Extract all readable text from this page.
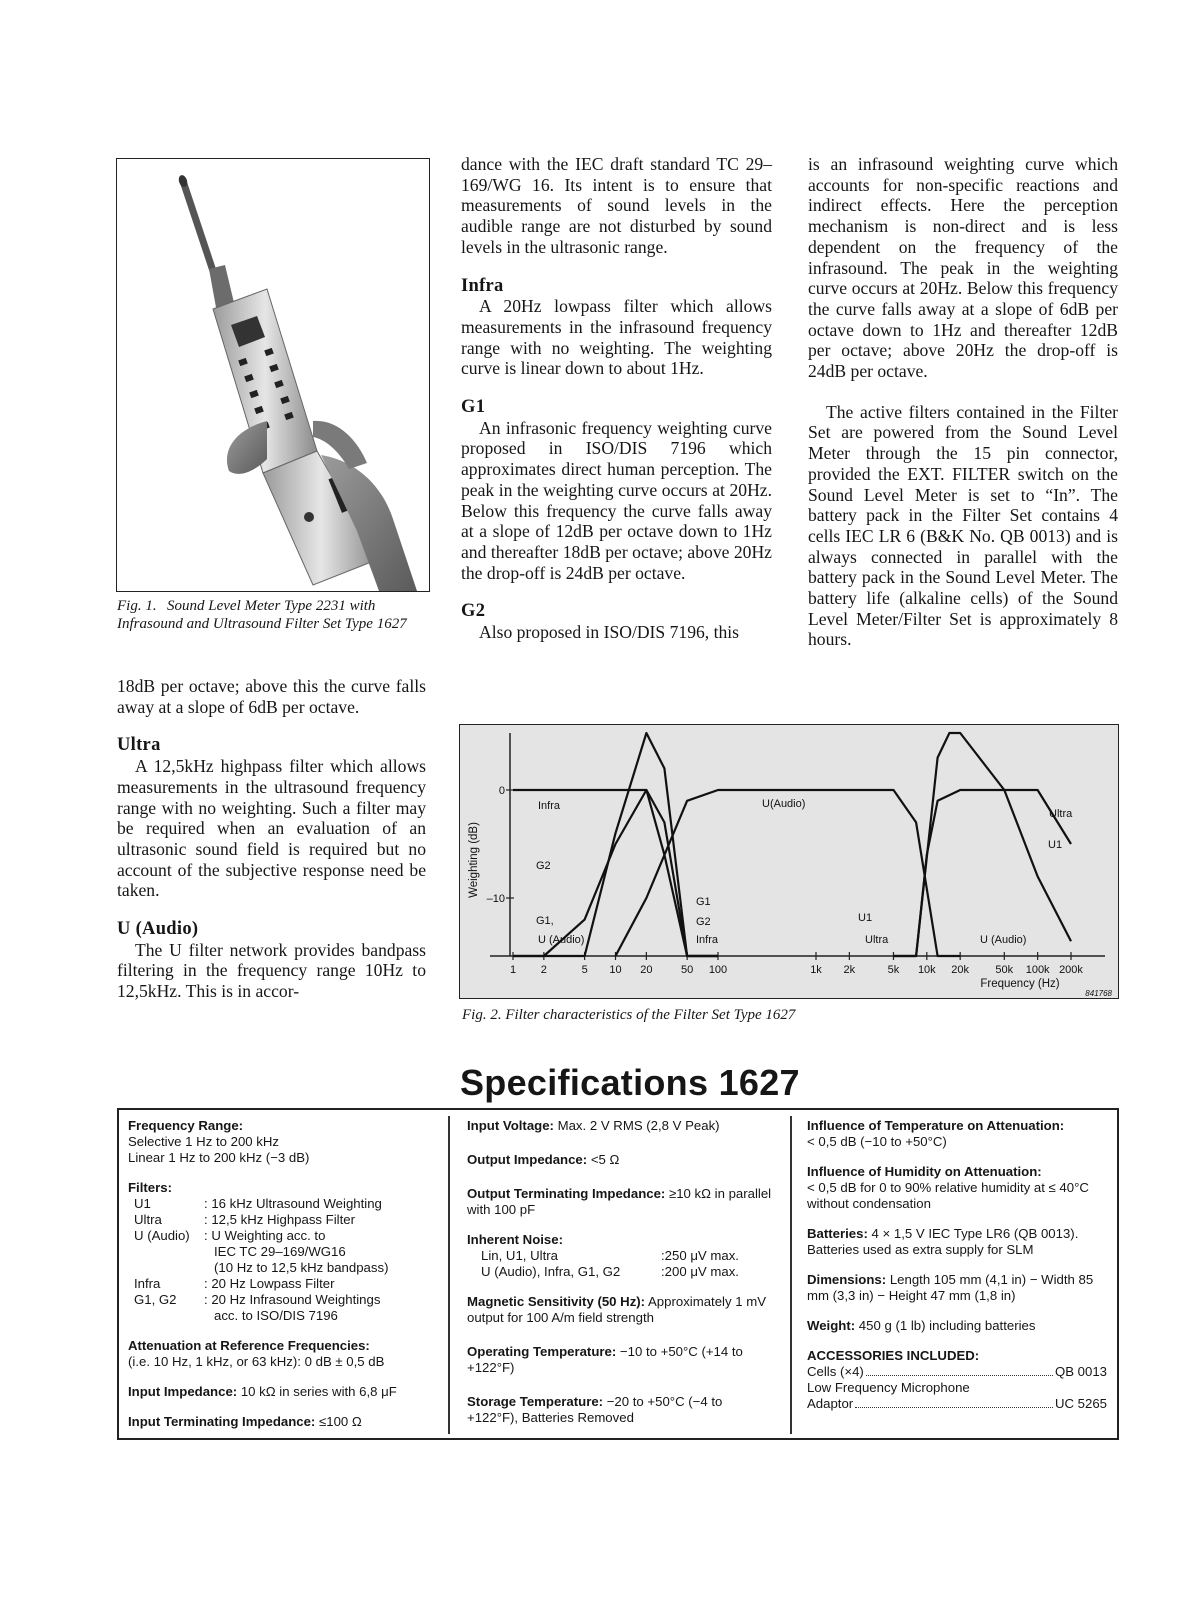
Fig. 1. Sound Level Meter Type 2231 with Infrasound and Ultrasound Filter Set Type 1627

18dB per octave; above this the curve falls away at a slope of 6dB per octave.

Ultra

A 12,5kHz highpass filter which allows measurements in the ultrasound frequency range with no weighting. Such a filter may be required when an evaluation of an ultrasonic sound field is required but no account of the subjective response need be taken.

U (Audio)

The U filter network provides bandpass filtering in the frequency range 10Hz to 12,5kHz. This is in accor-

dance with the IEC draft standard TC 29–169/WG 16. Its intent is to ensure that measurements of sound levels in the audible range are not disturbed by sound levels in the ultrasonic range.

Infra

A 20Hz lowpass filter which allows measurements in the infrasound frequency range with no weighting. The weighting curve is linear down to about 1Hz.

G1

An infrasonic frequency weighting curve proposed in ISO/DIS 7196 which approximates direct human perception. The peak in the weighting curve occurs at 20Hz. Below this frequency the curve falls away at a slope of 12dB per octave down to 1Hz and thereafter 18dB per octave; above 20Hz the drop-off is 24dB per octave.

G2

Also proposed in ISO/DIS 7196, this

is an infrasound weighting curve which accounts for non-specific reactions and indirect effects. Here the perception mechanism is non-direct and is less dependent on the frequency of the infrasound. The peak in the weighting curve occurs at 20Hz. Below this frequency the curve falls away at a slope of 6dB per octave down to 1Hz and thereafter 12dB per octave; above 20Hz the drop-off is 24dB per octave.

The active filters contained in the Filter Set are powered from the Sound Level Meter through the 15 pin connector, provided the EXT. FILTER switch on the Sound Level Meter is set to “In”. The battery pack in the Filter Set contains 4 cells IEC LR 6 (B&K No. QB 0013) and is always connected in parallel with the battery pack in the Sound Level Meter. The battery life (alkaline cells) of the Sound Level Meter/Filter Set is approximately 8 hours.

0
–10
1 2	5 10 20	50 100	1k 2k	5k 10k 20k 50k 100k 200k
Weighting (dB)
Frequency (Hz)
841768
Infra
G2
G1,
U (Audio)
G1
G2
Infra
U(Audio)
Ultra
U1
U1
Ultra	U (Audio)
Fig. 2. Filter characteristics of the Filter Set Type 1627
Specifications 1627

Frequency Range:
Selective 1 Hz to 200 kHz
Linear 1 Hz to 200 kHz (−3 dB)

Filters:
U1	: 16 kHz Ultrasound Weighting
Ultra	: 12,5 kHz Highpass Filter
U (Audio)	: U Weighting acc. to
	IEC TC 29–169/WG16
	(10 Hz to 12,5 kHz bandpass)
Infra	: 20 Hz Lowpass Filter
G1, G2	: 20 Hz Infrasound Weightings
	acc. to ISO/DIS 7196

Attenuation at Reference Frequencies:
(i.e. 10 Hz, 1 kHz, or 63 kHz): 0 dB ± 0,5 dB

Input Impedance: 10 kΩ in series with 6,8 μF

Input Terminating Impedance: ≤100 Ω

Input Voltage: Max. 2 V RMS (2,8 V Peak)

Output Impedance: <5 Ω

Output Terminating Impedance: ≥10 kΩ in parallel with 100 pF

Inherent Noise:
Lin, U1, Ultra	:250 μV max.
U (Audio), Infra, G1, G2	:200 μV max.

Magnetic Sensitivity (50 Hz): Approximately 1 mV output for 100 A/m field strength

Operating Temperature: −10 to +50°C (+14 to +122°F)

Storage Temperature: −20 to +50°C (−4 to +122°F), Batteries Removed

Influence of Temperature on Attenuation:
< 0,5 dB (−10 to +50°C)

Influence of Humidity on Attenuation:
< 0,5 dB for 0 to 90% relative humidity at ≤ 40°C without condensation

Batteries: 4 × 1,5 V IEC Type LR6 (QB 0013). Batteries used as extra supply for SLM

Dimensions: Length 105 mm (4,1 in) − Width 85 mm (3,3 in) − Height 47 mm (1,8 in)

Weight: 450 g (1 lb) including batteries

ACCESSORIES INCLUDED:
Cells (×4)	QB 0013
Low Frequency Microphone
Adaptor	UC 5265
